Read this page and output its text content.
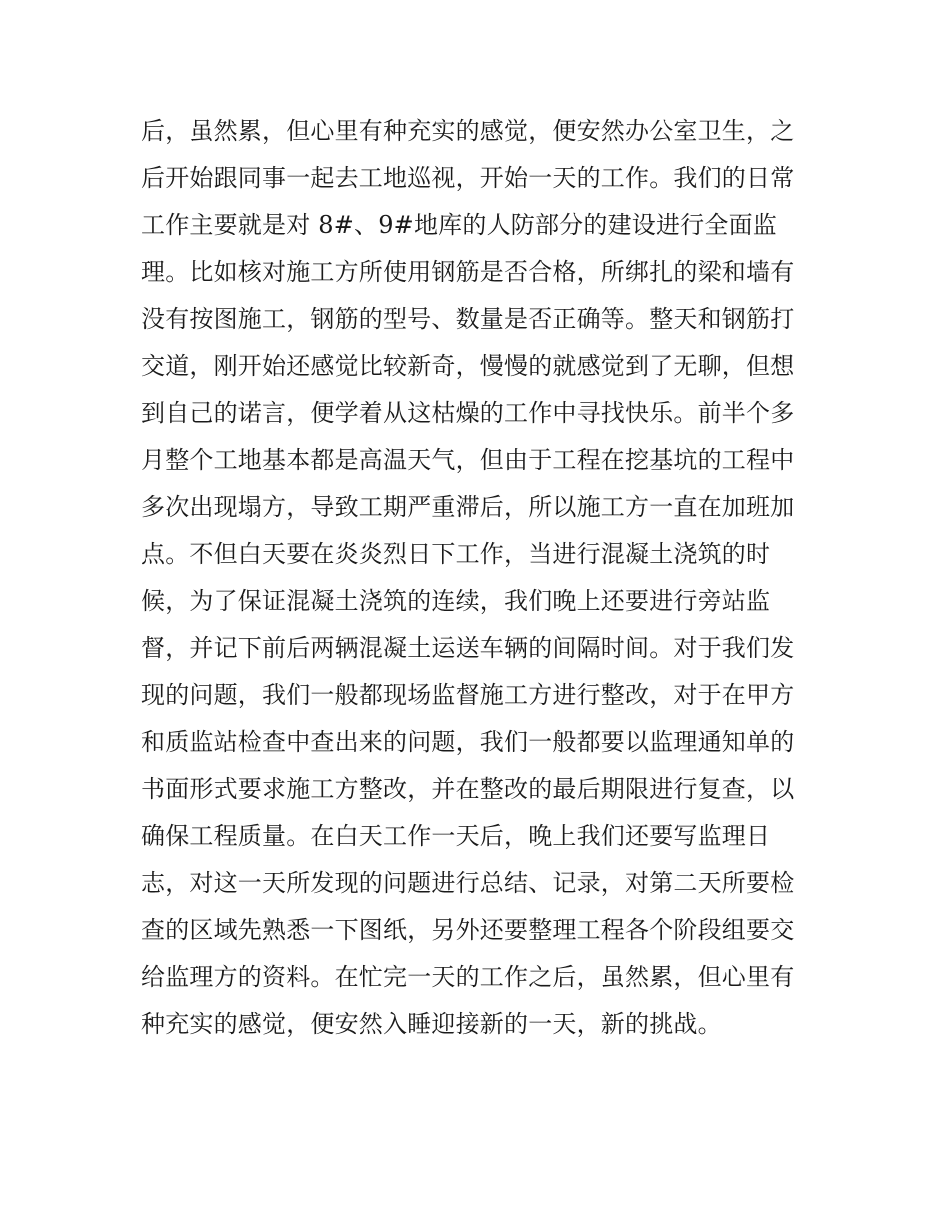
后，虽然累，但心里有种充实的感觉，便安然办公室卫生，之
后开始跟同事一起去工地巡视，开始一天的工作。我们的日常
工作主要就是对 8#、9#地库的人防部分的建设进行全面监
理。比如核对施工方所使用钢筋是否合格，所绑扎的梁和墙有
没有按图施工，钢筋的型号、数量是否正确等。整天和钢筋打
交道，刚开始还感觉比较新奇，慢慢的就感觉到了无聊，但想
到自己的诺言，便学着从这枯燥的工作中寻找快乐。前半个多
月整个工地基本都是高温天气，但由于工程在挖基坑的工程中
多次出现塌方，导致工期严重滞后，所以施工方一直在加班加
点。不但白天要在炎炎烈日下工作，当进行混凝土浇筑的时
候，为了保证混凝土浇筑的连续，我们晚上还要进行旁站监
督，并记下前后两辆混凝土运送车辆的间隔时间。对于我们发
现的问题，我们一般都现场监督施工方进行整改，对于在甲方
和质监站检查中查出来的问题，我们一般都要以监理通知单的
书面形式要求施工方整改，并在整改的最后期限进行复查，以
确保工程质量。在白天工作一天后，晚上我们还要写监理日
志，对这一天所发现的问题进行总结、记录，对第二天所要检
查的区域先熟悉一下图纸，另外还要整理工程各个阶段组要交
给监理方的资料。在忙完一天的工作之后，虽然累，但心里有
种充实的感觉，便安然入睡迎接新的一天，新的挑战。
